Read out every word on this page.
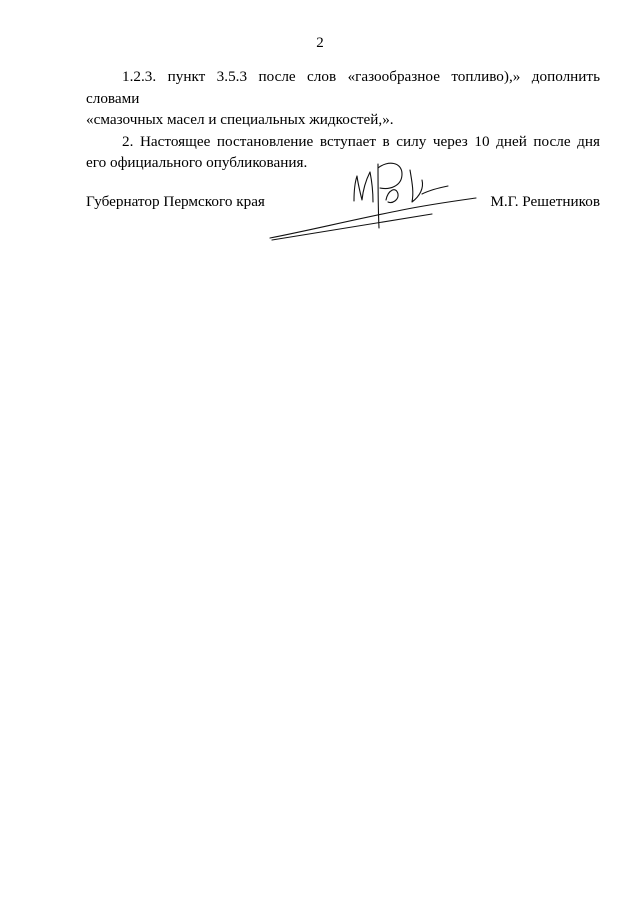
2

1.2.3. пункт 3.5.3 после слов «газообразное топливо),» дополнить словами
«смазочных масел и специальных жидкостей,».

2. Настоящее постановление вступает в силу через 10 дней после дня
его официального опубликования.

Губернатор Пермского края	М.Г. Решетников
